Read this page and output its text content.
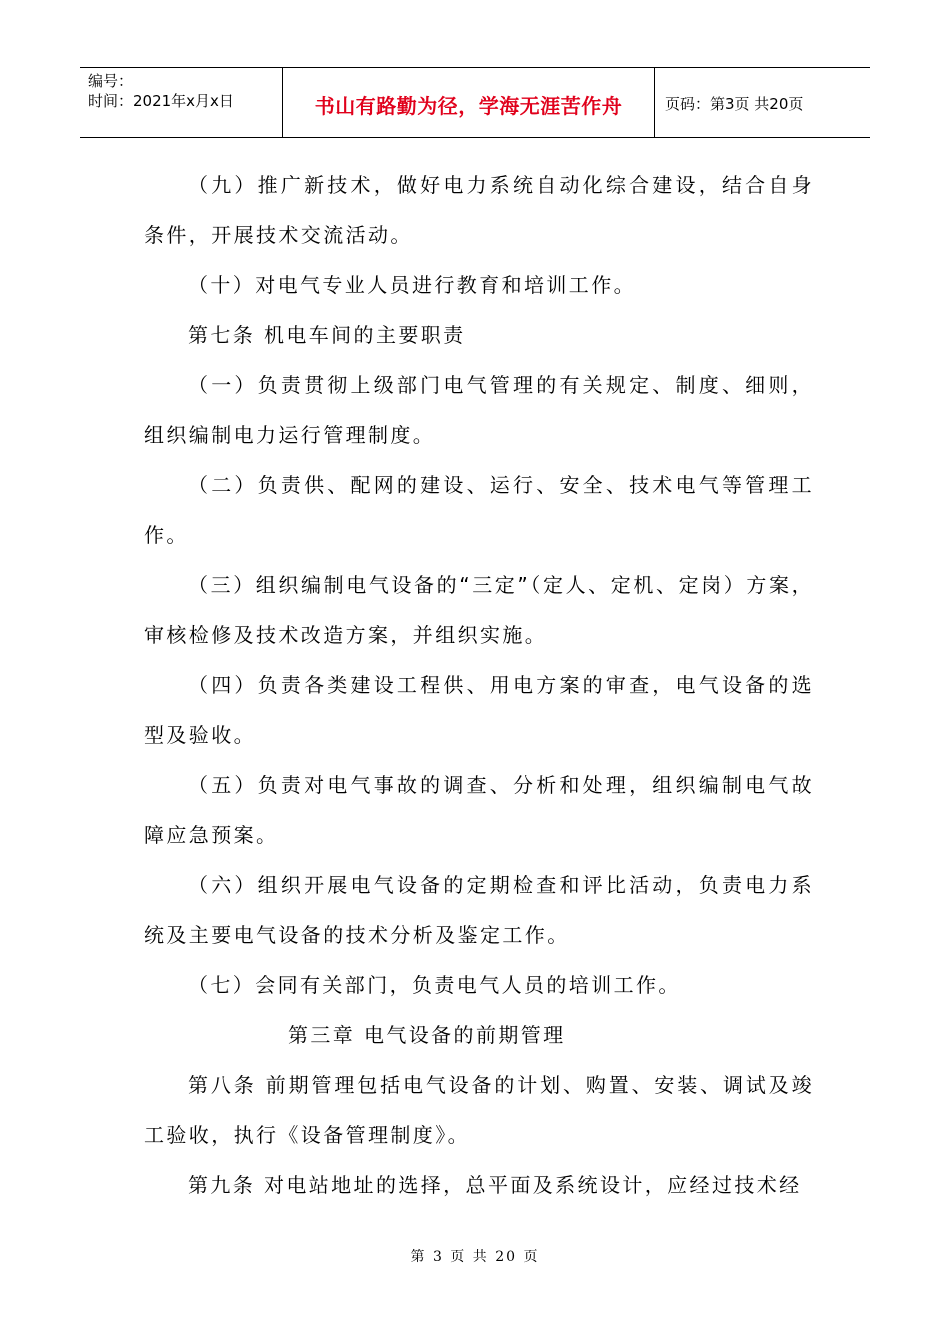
编号：
时间：2021年x月x日	书山有路勤为径，学海无涯苦作舟	页码：第3页 共20页

（九）推广新技术，做好电力系统自动化综合建设，结合自身条件，开展技术交流活动。

（十）对电气专业人员进行教育和培训工作。

第七条 机电车间的主要职责

（一）负责贯彻上级部门电气管理的有关规定、制度、细则，组织编制电力运行管理制度。

（二）负责供、配网的建设、运行、安全、技术电气等管理工作。

（三）组织编制电气设备的“三定”（定人、定机、定岗）方案，审核检修及技术改造方案，并组织实施。

（四）负责各类建设工程供、用电方案的审查，电气设备的选型及验收。

（五）负责对电气事故的调查、分析和处理，组织编制电气故障应急预案。

（六）组织开展电气设备的定期检查和评比活动，负责电力系统及主要电气设备的技术分析及鉴定工作。

（七）会同有关部门，负责电气人员的培训工作。

第三章 电气设备的前期管理

第八条 前期管理包括电气设备的计划、购置、安装、调试及竣工验收，执行《设备管理制度》。

第九条 对电站地址的选择，总平面及系统设计，应经过技术经

第 3 页 共 20 页
